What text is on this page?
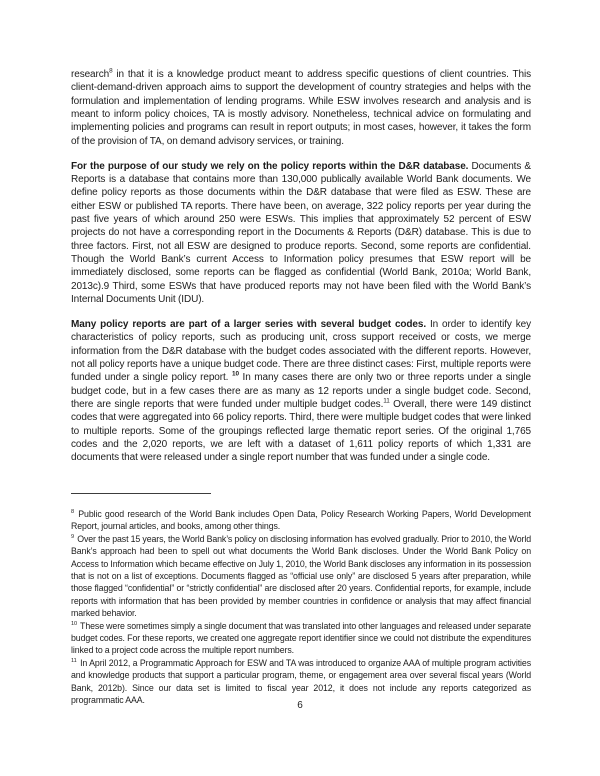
research$^8$ in that it is a knowledge product meant to address specific questions of client countries. This client-demand-driven approach aims to support the development of country strategies and helps with the formulation and implementation of lending programs. While ESW involves research and analysis and is meant to inform policy choices, TA is mostly advisory. Nonetheless, technical advice on formulating and implementing policies and programs can result in report outputs; in most cases, however, it takes the form of the provision of TA, on demand advisory services, or training.

For the purpose of our study we rely on the policy reports within the D&R database. Documents & Reports is a database that contains more than 130,000 publically available World Bank documents. We define policy reports as those documents within the D&R database that were filed as ESW. These are either ESW or published TA reports. There have been, on average, 322 policy reports per year during the past five years of which around 250 were ESWs. This implies that approximately 52 percent of ESW projects do not have a corresponding report in the Documents & Reports (D&R) database. This is due to three factors. First, not all ESW are designed to produce reports. Second, some reports are confidential. Though the World Bank’s current Access to Information policy presumes that ESW report will be immediately disclosed, some reports can be flagged as confidential (World Bank, 2010a; World Bank, 2013c).9 Third, some ESWs that have produced reports may not have been filed with the World Bank’s Internal Documents Unit (IDU).

Many policy reports are part of a larger series with several budget codes. In order to identify key characteristics of policy reports, such as producing unit, cross support received or costs, we merge information from the D&R database with the budget codes associated with the different reports. However, not all policy reports have a unique budget code. There are three distinct cases: First, multiple reports were funded under a single policy report. $^{10}$ In many cases there are only two or three reports under a single budget code, but in a few cases there are as many as 12 reports under a single budget code. Second, there are single reports that were funded under multiple budget codes.$^{11}$ Overall, there were 149 distinct codes that were aggregated into 66 policy reports. Third, there were multiple budget codes that were linked to multiple reports. Some of the groupings reflected large thematic report series. Of the original 1,765 codes and the 2,020 reports, we are left with a dataset of 1,611 policy reports of which 1,331 are documents that were released under a single report number that was funded under a single code.

$^8$ Public good research of the World Bank includes Open Data, Policy Research Working Papers, World Development Report, journal articles, and books, among other things.
$^9$ Over the past 15 years, the World Bank’s policy on disclosing information has evolved gradually. Prior to 2010, the World Bank’s approach had been to spell out what documents the World Bank discloses. Under the World Bank Policy on Access to Information which became effective on July 1, 2010, the World Bank discloses any information in its possession that is not on a list of exceptions. Documents flagged as “official use only” are disclosed 5 years after preparation, while those flagged “confidential” or “strictly confidential” are disclosed after 20 years. Confidential reports, for example, include reports with information that has been provided by member countries in confidence or analysis that may affect financial marked behavior.
$^{10}$ These were sometimes simply a single document that was translated into other languages and released under separate budget codes. For these reports, we created one aggregate report identifier since we could not distribute the expenditures linked to a project code across the multiple report numbers.
$^{11}$ In April 2012, a Programmatic Approach for ESW and TA was introduced to organize AAA of multiple program activities and knowledge products that support a particular program, theme, or engagement area over several fiscal years (World Bank, 2012b). Since our data set is limited to fiscal year 2012, it does not include any reports categorized as programmatic AAA.	6
